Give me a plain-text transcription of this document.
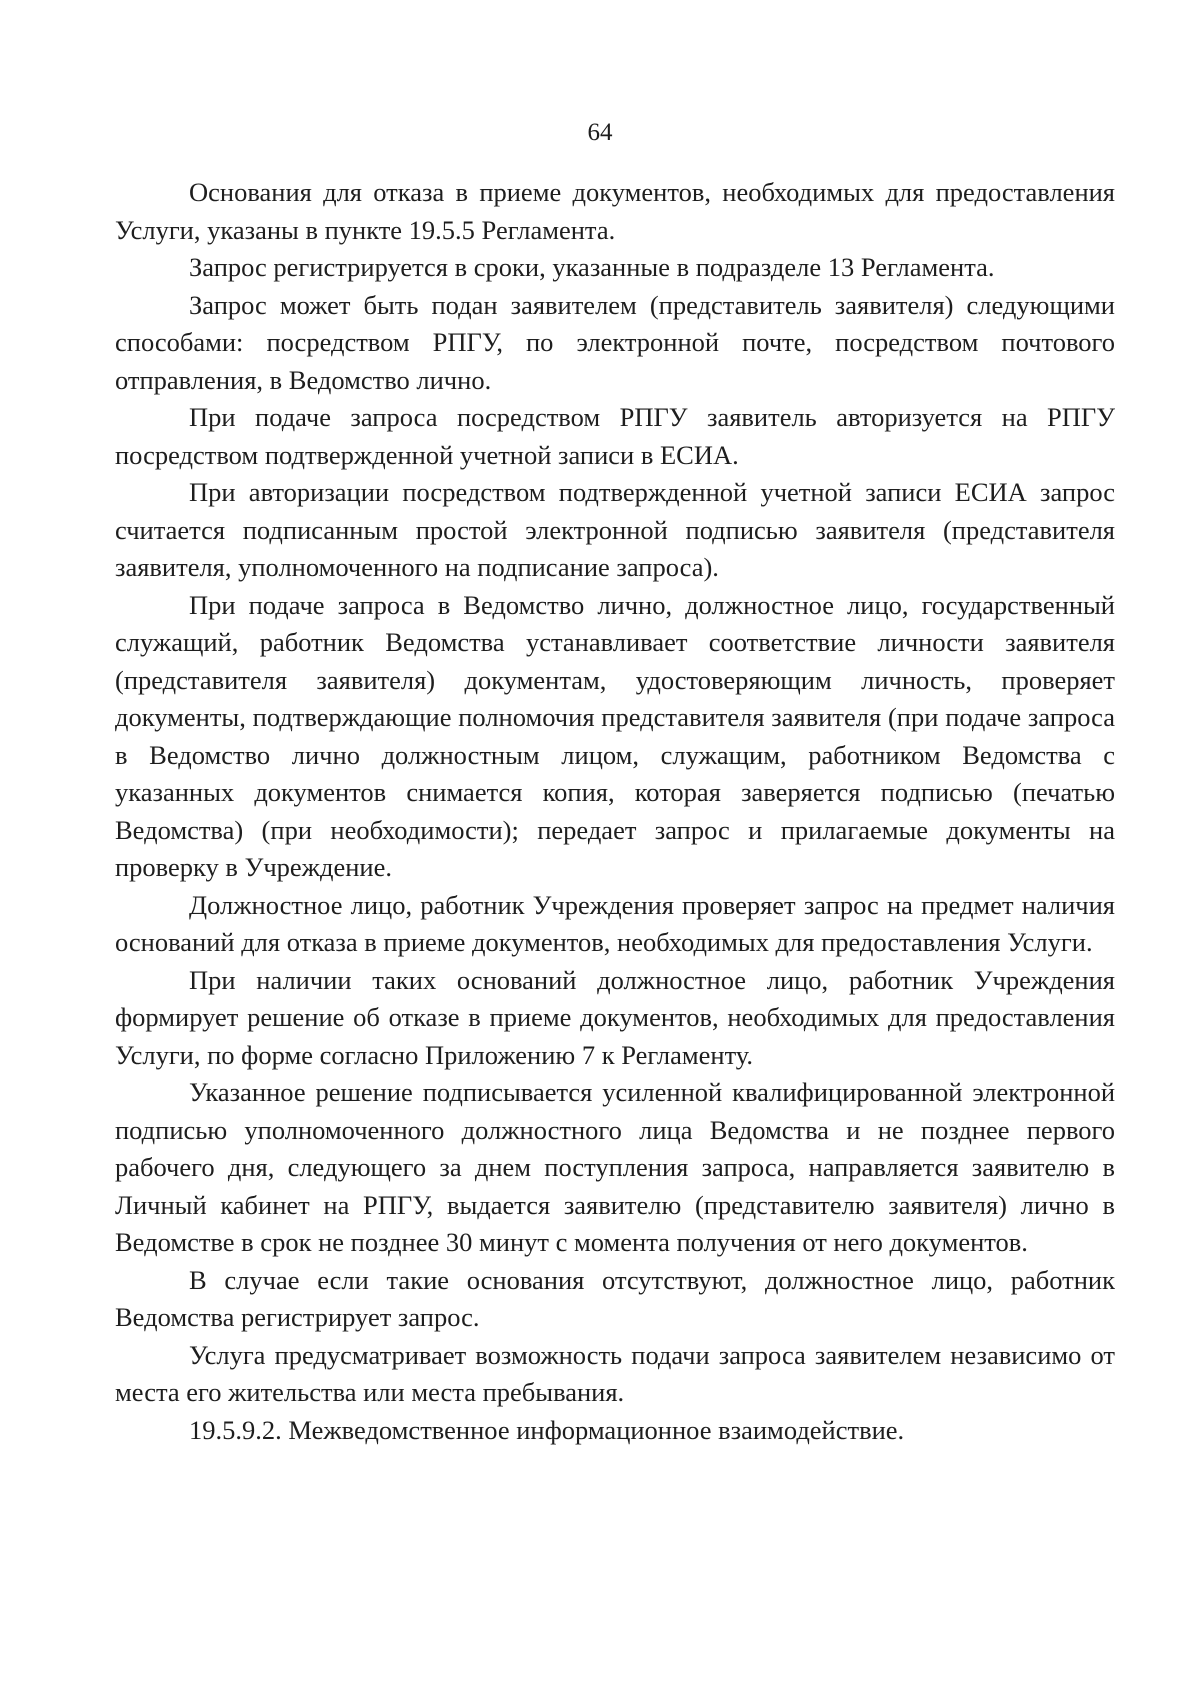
64

Основания для отказа в приеме документов, необходимых для предоставления Услуги, указаны в пункте 19.5.5 Регламента.

Запрос регистрируется в сроки, указанные в подразделе 13 Регламента.

Запрос может быть подан заявителем (представитель заявителя) следующими способами: посредством РПГУ, по электронной почте, посредством почтового отправления, в Ведомство лично.

При подаче запроса посредством РПГУ заявитель авторизуется на РПГУ посредством подтвержденной учетной записи в ЕСИА.

При авторизации посредством подтвержденной учетной записи ЕСИА запрос считается подписанным простой электронной подписью заявителя (представителя заявителя, уполномоченного на подписание запроса).

При подаче запроса в Ведомство лично, должностное лицо, государственный служащий, работник Ведомства устанавливает соответствие личности заявителя (представителя заявителя) документам, удостоверяющим личность, проверяет документы, подтверждающие полномочия представителя заявителя (при подаче запроса в Ведомство лично должностным лицом, служащим, работником Ведомства с указанных документов снимается копия, которая заверяется подписью (печатью Ведомства) (при необходимости); передает запрос и прилагаемые документы на проверку в Учреждение.

Должностное лицо, работник Учреждения проверяет запрос на предмет наличия оснований для отказа в приеме документов, необходимых для предоставления Услуги.

При наличии таких оснований должностное лицо, работник Учреждения формирует решение об отказе в приеме документов, необходимых для предоставления Услуги, по форме согласно Приложению 7 к Регламенту.

Указанное решение подписывается усиленной квалифицированной электронной подписью уполномоченного должностного лица Ведомства и не позднее первого рабочего дня, следующего за днем поступления запроса, направляется заявителю в Личный кабинет на РПГУ, выдается заявителю (представителю заявителя) лично в Ведомстве в срок не позднее 30 минут с момента получения от него документов.

В случае если такие основания отсутствуют, должностное лицо, работник Ведомства регистрирует запрос.

Услуга предусматривает возможность подачи запроса заявителем независимо от места его жительства или места пребывания.

19.5.9.2. Межведомственное информационное взаимодействие.
